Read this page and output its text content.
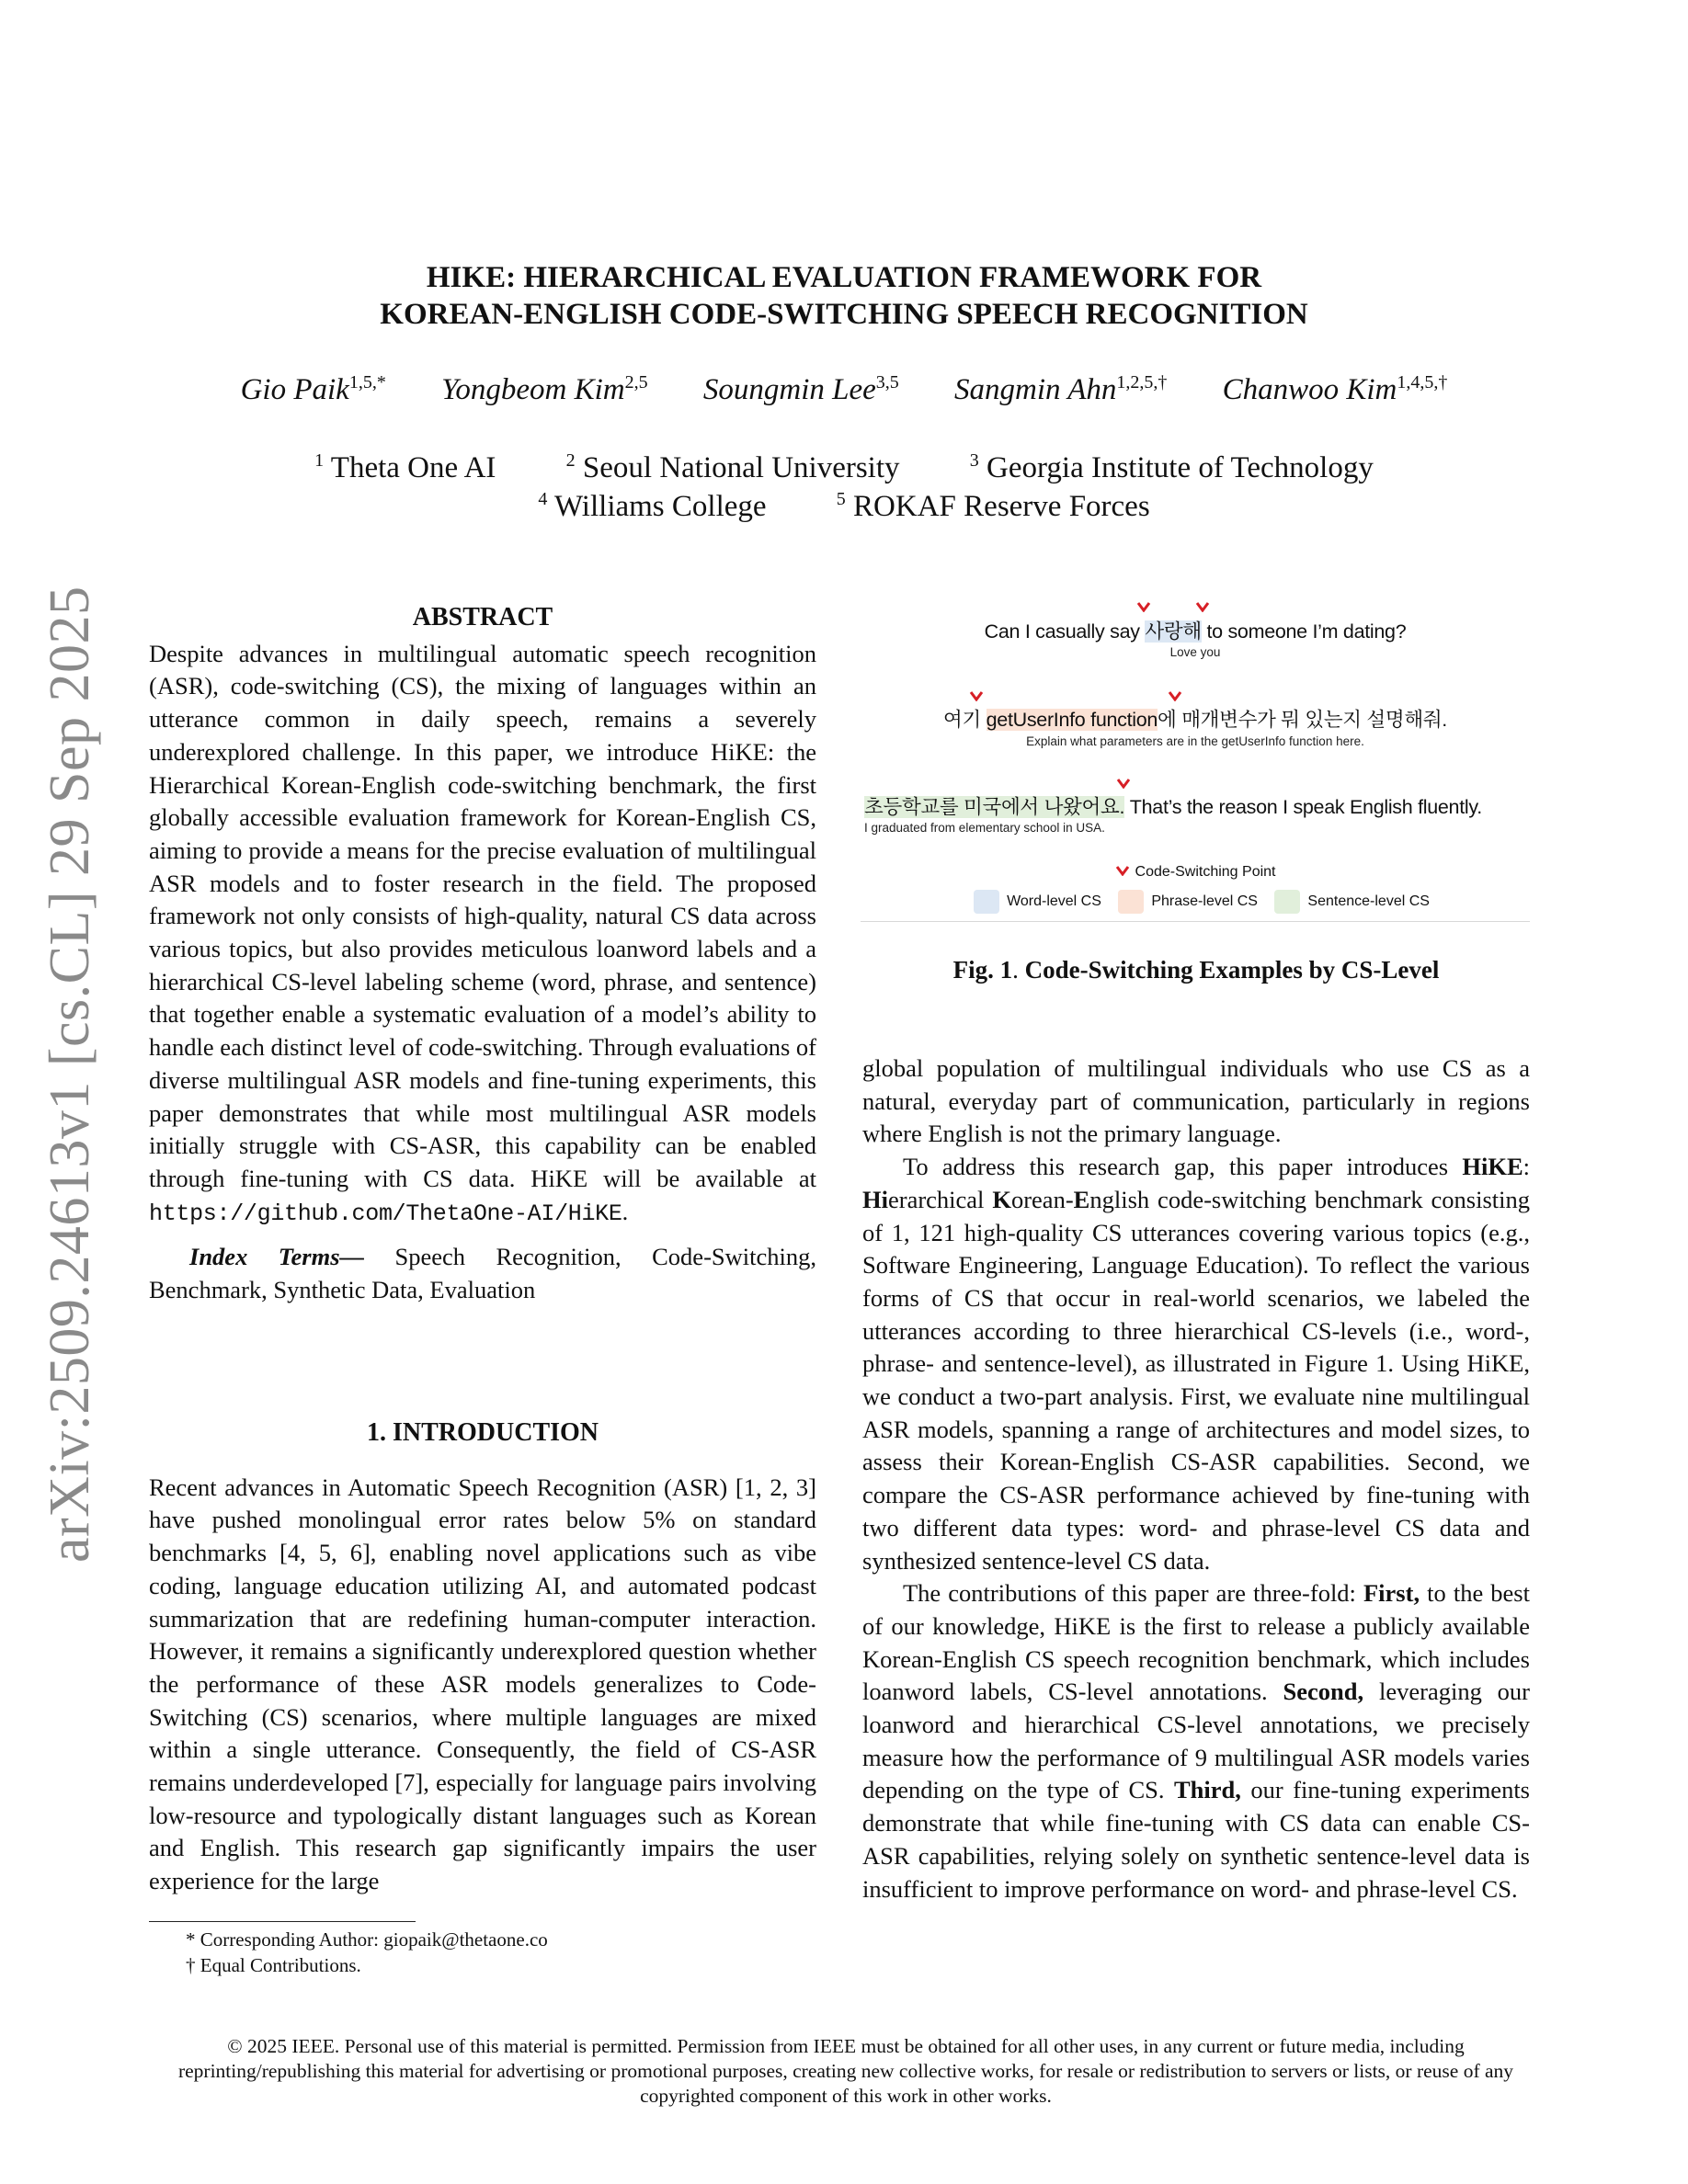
arXiv:2509.24613v1 [cs.CL] 29 Sep 2025
HIKE: HIERARCHICAL EVALUATION FRAMEWORK FOR
KOREAN-ENGLISH CODE-SWITCHING SPEECH RECOGNITION
Gio Paik$^{1,5,*}$ Yongbeom Kim$^{2,5}$ Soungmin Lee$^{3,5}$ Sangmin Ahn$^{1,2,5,\dagger}$ Chanwoo Kim$^{1,4,5,\dagger}$
$^1$ Theta One AI	$^2$ Seoul National University	$^3$ Georgia Institute of Technology
$^4$ Williams College	$^5$ ROKAF Reserve Forces

ABSTRACT

Despite advances in multilingual automatic speech recognition (ASR), code-switching (CS), the mixing of languages within an utterance common in daily speech, remains a severely underexplored challenge. In this paper, we introduce HiKE: the Hierarchical Korean-English code-switching benchmark, the first globally accessible evaluation framework for Korean-English CS, aiming to provide a means for the precise evaluation of multilingual ASR models and to foster research in the field. The proposed framework not only consists of high-quality, natural CS data across various topics, but also provides meticulous loanword labels and a hierarchical CS-level labeling scheme (word, phrase, and sentence) that together enable a systematic evaluation of a model’s ability to handle each distinct level of code-switching. Through evaluations of diverse multilingual ASR models and fine-tuning experiments, this paper demonstrates that while most multilingual ASR models initially struggle with CS-ASR, this capability can be enabled through fine-tuning with CS data. HiKE will be available at https://github.com/ThetaOne-AI/HiKE.

Index Terms— Speech Recognition, Code-Switching, Benchmark, Synthetic Data, Evaluation

1. INTRODUCTION

Recent advances in Automatic Speech Recognition (ASR) [1, 2, 3] have pushed monolingual error rates below 5% on standard benchmarks [4, 5, 6], enabling novel applications such as vibe coding, language education utilizing AI, and automated podcast summarization that are redefining human-computer interaction. However, it remains a significantly underexplored question whether the performance of these ASR models generalizes to Code-Switching (CS) scenarios, where multiple languages are mixed within a single utterance. Consequently, the field of CS-ASR remains underdeveloped [7], especially for language pairs involving low-resource and typologically distant languages such as Korean and English. This research gap significantly impairs the user experience for the large

* Corresponding Author: giopaik@thetaone.co
† Equal Contributions.
Can I casually say 사랑해 to someone I’m dating?
Love you
여기 getUserInfo function에 매개변수가 뭐 있는지 설명해줘.
Explain what parameters are in the getUserInfo function here.
초등학교를 미국에서 나왔어요. That’s the reason I speak English fluently.
I graduated from elementary school in USA.
Code-Switching Point
Word-level CS	Phrase-level CS	Sentence-level CS
Fig. 1. Code-Switching Examples by CS-Level

global population of multilingual individuals who use CS as a natural, everyday part of communication, particularly in regions where English is not the primary language.

To address this research gap, this paper introduces HiKE: Hierarchical Korean-English code-switching benchmark consisting of 1, 121 high-quality CS utterances covering various topics (e.g., Software Engineering, Language Education). To reflect the various forms of CS that occur in real-world scenarios, we labeled the utterances according to three hierarchical CS-levels (i.e., word-, phrase- and sentence-level), as illustrated in Figure 1. Using HiKE, we conduct a two-part analysis. First, we evaluate nine multilingual ASR models, spanning a range of architectures and model sizes, to assess their Korean-English CS-ASR capabilities. Second, we compare the CS-ASR performance achieved by fine-tuning with two different data types: word- and phrase-level CS data and synthesized sentence-level CS data.

The contributions of this paper are three-fold: First, to the best of our knowledge, HiKE is the first to release a publicly available Korean-English CS speech recognition benchmark, which includes loanword labels, CS-level annotations. Second, leveraging our loanword and hierarchical CS-level annotations, we precisely measure how the performance of 9 multilingual ASR models varies depending on the type of CS. Third, our fine-tuning experiments demonstrate that while fine-tuning with CS data can enable CS-ASR capabilities, relying solely on synthetic sentence-level data is insufficient to improve performance on word- and phrase-level CS.

© 2025 IEEE. Personal use of this material is permitted. Permission from IEEE must be obtained for all other uses, in any current or future media, including reprinting/republishing this material for advertising or promotional purposes, creating new collective works, for resale or redistribution to servers or lists, or reuse of any copyrighted component of this work in other works.
